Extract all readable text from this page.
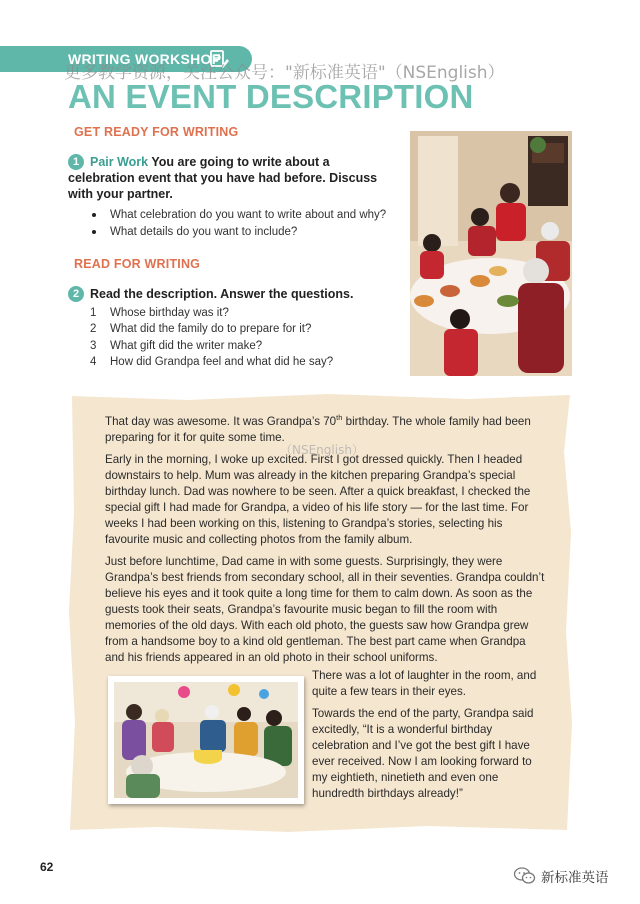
WRITING WORKSHOP
更多教学资源，关注公众号："新标准英语"（NSEnglish）
AN EVENT DESCRIPTION
GET READY FOR WRITING
1 Pair Work You are going to write about a celebration event that you have had before. Discuss with your partner.
What celebration do you want to write about and why?
What details do you want to include?
READ FOR WRITING
2 Read the description. Answer the questions.
1 Whose birthday was it?
2 What did the family do to prepare for it?
3 What gift did the writer make?
4 How did Grandpa feel and what did he say?
（NSEnglish）

That day was awesome. It was Grandpa’s 70th birthday. The whole family had been preparing for it for quite some time.

Early in the morning, I woke up excited. First I got dressed quickly. Then I headed downstairs to help. Mum was already in the kitchen preparing Grandpa’s special birthday lunch. Dad was nowhere to be seen. After a quick breakfast, I checked the special gift I had made for Grandpa, a video of his life story — for the last time. For weeks I had been working on this, listening to Grandpa’s stories, selecting his favourite music and collecting photos from the family album.

Just before lunchtime, Dad came in with some guests. Surprisingly, they were Grandpa’s best friends from secondary school, all in their seventies. Grandpa couldn’t believe his eyes and it took quite a long time for them to calm down. As soon as the guests took their seats, Grandpa’s favourite music began to fill the room with memories of the old days. With each old photo, the guests saw how Grandpa grew from a handsome boy to a kind old gentleman. The best part came when Grandpa and his friends appeared in an old photo in their school uniforms.

There was a lot of laughter in the room, and quite a few tears in their eyes.

Towards the end of the party, Grandpa said excitedly, “It is a wonderful birthday celebration and I’ve got the best gift I have ever received. Now I am looking forward to my eightieth, ninetieth and even one hundredth birthdays already!”

62
新标准英语
